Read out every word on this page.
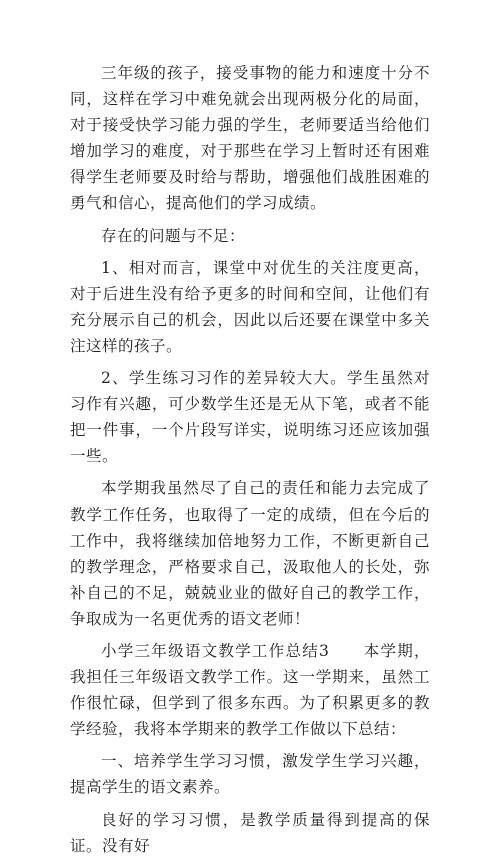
三年级的孩子，接受事物的能力和速度十分不同，这样在学习中难免就会出现两极分化的局面，对于接受快学习能力强的学生，老师要适当给他们增加学习的难度，对于那些在学习上暂时还有困难得学生老师要及时给与帮助，增强他们战胜困难的勇气和信心，提高他们的学习成绩。

存在的问题与不足：

1、相对而言，课堂中对优生的关注度更高，对于后进生没有给予更多的时间和空间，让他们有充分展示自己的机会，因此以后还要在课堂中多关注这样的孩子。

2、学生练习习作的差异较大大。学生虽然对习作有兴趣，可少数学生还是无从下笔，或者不能把一件事，一个片段写详实，说明练习还应该加强一些。

本学期我虽然尽了自己的责任和能力去完成了教学工作任务，也取得了一定的成绩，但在今后的工作中，我将继续加倍地努力工作，不断更新自己的教学理念，严格要求自己，汲取他人的长处，弥补自己的不足，兢兢业业的做好自己的教学工作，争取成为一名更优秀的语文老师！

小学三年级语文教学工作总结3　　本学期，我担任三年级语文教学工作。这一学期来，虽然工作很忙碌，但学到了很多东西。为了积累更多的教学经验，我将本学期来的教学工作做以下总结：

一、培养学生学习习惯，激发学生学习兴趣，提高学生的语文素养。

良好的学习习惯，是教学质量得到提高的保证。没有好
